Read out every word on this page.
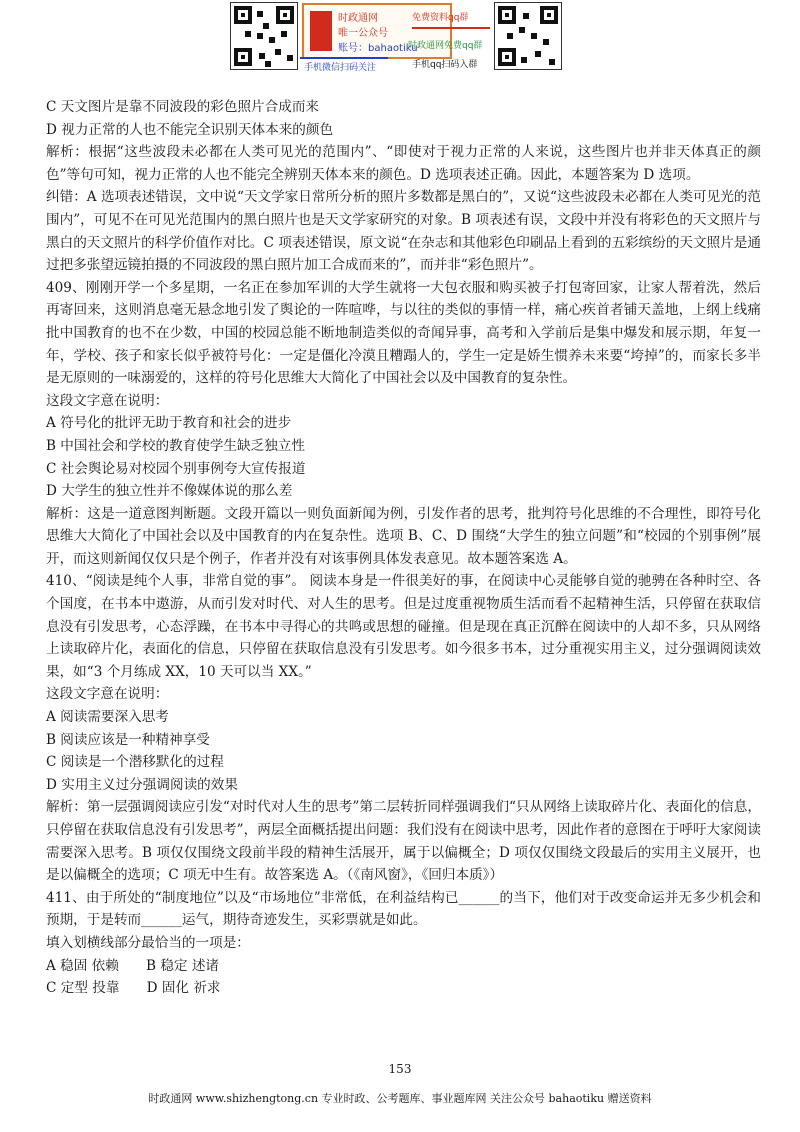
时政通网
唯一公众号
账号：bahaotiku
手机微信扫码关注
免费资料qq群
时政通网免费qq群
手机qq扫码入群

C 天文图片是靠不同波段的彩色照片合成而来

D 视力正常的人也不能完全识别天体本来的颜色

解析：根据“这些波段未必都在人类可见光的范围内”、“即使对于视力正常的人来说，这些图片也并非天体真正的颜色”等句可知，视力正常的人也不能完全辨别天体本来的颜色。D 选项表述正确。因此，本题答案为 D 选项。

纠错：A 选项表述错误，文中说“天文学家日常所分析的照片多数都是黑白的”，又说“这些波段未必都在人类可见光的范围内”，可见不在可见光范围内的黑白照片也是天文学家研究的对象。B 项表述有误，文段中并没有将彩色的天文照片与黑白的天文照片的科学价值作对比。C 项表述错误，原文说“在杂志和其他彩色印刷品上看到的五彩缤纷的天文照片是通过把多张望远镜拍摄的不同波段的黑白照片加工合成而来的”，而并非“彩色照片”。

409、刚刚开学一个多星期，一名正在参加军训的大学生就将一大包衣服和购买被子打包寄回家，让家人帮着洗，然后再寄回来，这则消息毫无悬念地引发了舆论的一阵喧哗，与以往的类似的事情一样，痛心疾首者铺天盖地，上纲上线痛批中国教育的也不在少数，中国的校园总能不断地制造类似的奇闻异事，高考和入学前后是集中爆发和展示期，年复一年，学校、孩子和家长似乎被符号化：一定是僵化冷漠且糟蹋人的，学生一定是娇生惯养未来要“垮掉”的，而家长多半是无原则的一味溺爱的，这样的符号化思维大大简化了中国社会以及中国教育的复杂性。

这段文字意在说明：

A 符号化的批评无助于教育和社会的进步

B 中国社会和学校的教育使学生缺乏独立性

C 社会舆论易对校园个别事例夸大宣传报道

D 大学生的独立性并不像媒体说的那么差

解析：这是一道意图判断题。文段开篇以一则负面新闻为例，引发作者的思考，批判符号化思维的不合理性，即符号化思维大大简化了中国社会以及中国教育的内在复杂性。选项 B、C、D 围绕“大学生的独立问题”和“校园的个别事例”展开，而这则新闻仅仅只是个例子，作者并没有对该事例具体发表意见。故本题答案选 A。

410、“阅读是纯个人事，非常自觉的事”。 阅读本身是一件很美好的事，在阅读中心灵能够自觉的驰骋在各种时空、各个国度，在书本中遨游，从而引发对时代、对人生的思考。但是过度重视物质生活而看不起精神生活，只停留在获取信息没有引发思考，心态浮躁，在书本中寻得心的共鸣或思想的碰撞。但是现在真正沉醉在阅读中的人却不多，只从网络上读取碎片化，表面化的信息，只停留在获取信息没有引发思考。如今很多书本，过分重视实用主义，过分强调阅读效果，如“3 个月练成 XX，10 天可以当 XX。”

这段文字意在说明：

A 阅读需要深入思考

B 阅读应该是一种精神享受

C 阅读是一个潜移默化的过程

D 实用主义过分强调阅读的效果

解析：第一层强调阅读应引发“对时代对人生的思考”第二层转折同样强调我们“只从网络上读取碎片化、表面化的信息，只停留在获取信息没有引发思考”，两层全面概括提出问题：我们没有在阅读中思考，因此作者的意图在于呼吁大家阅读需要深入思考。B 项仅仅围绕文段前半段的精神生活展开，属于以偏概全；D 项仅仅围绕文段最后的实用主义展开，也是以偏概全的选项；C 项无中生有。故答案选 A。（《南风窗》，《回归本质》）

411、由于所处的“制度地位”以及“市场地位”非常低，在利益结构已______的当下，他们对于改变命运并无多少机会和预期，于是转而______运气，期待奇迹发生，买彩票就是如此。

填入划横线部分最恰当的一项是：

A 稳固 依赖　　B 稳定 述诸

C 定型 投靠　　D 固化 祈求

153
时政通网 www.shizhengtong.cn 专业时政、公考题库、事业题库网 关注公众号 bahaotiku 赠送资料
